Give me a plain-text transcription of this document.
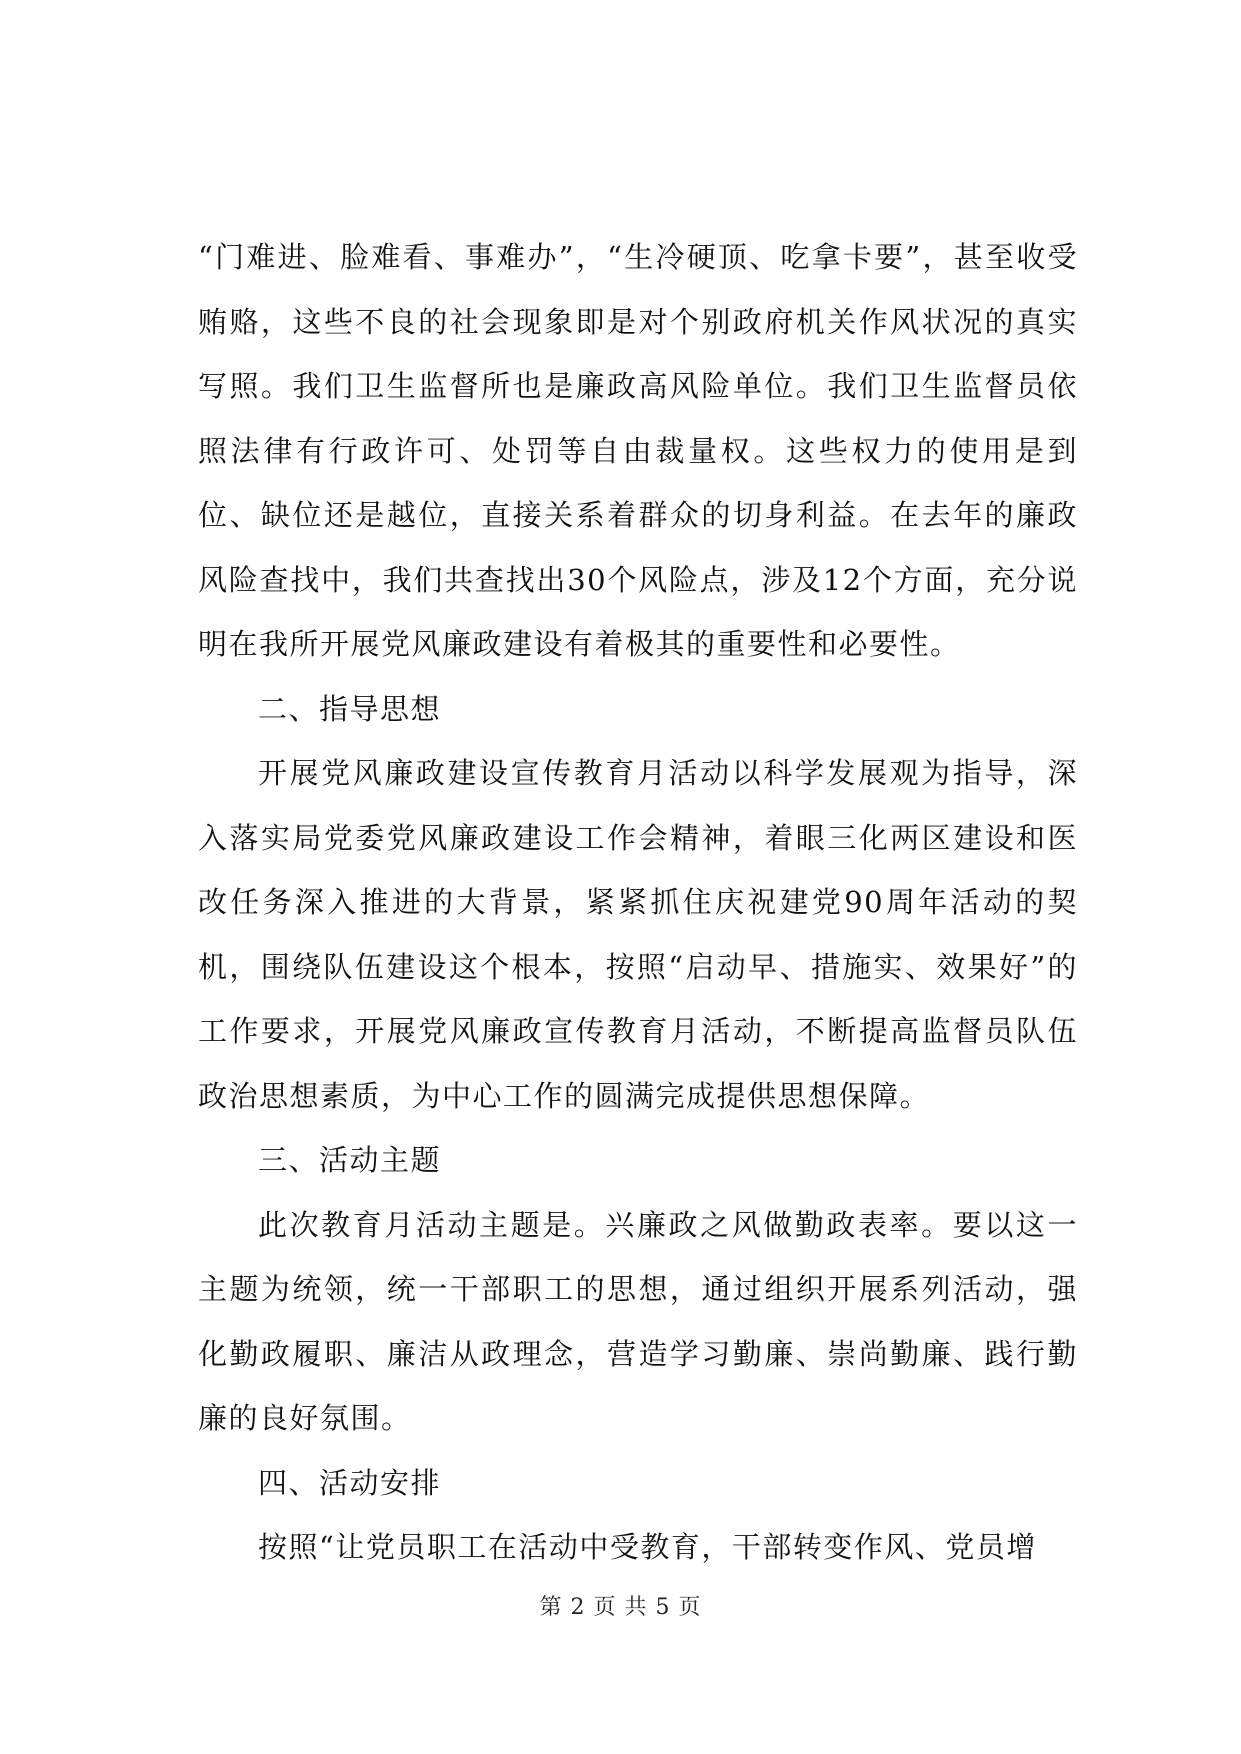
“门难进、脸难看、事难办”，“生冷硬顶、吃拿卡要”，甚至收受贿赂，这些不良的社会现象即是对个别政府机关作风状况的真实写照。我们卫生监督所也是廉政高风险单位。我们卫生监督员依照法律有行政许可、处罚等自由裁量权。这些权力的使用是到位、缺位还是越位，直接关系着群众的切身利益。在去年的廉政风险查找中，我们共查找出30个风险点，涉及12个方面，充分说明在我所开展党风廉政建设有着极其的重要性和必要性。

二、指导思想

开展党风廉政建设宣传教育月活动以科学发展观为指导，深入落实局党委党风廉政建设工作会精神，着眼三化两区建设和医改任务深入推进的大背景，紧紧抓住庆祝建党90周年活动的契机，围绕队伍建设这个根本，按照“启动早、措施实、效果好”的工作要求，开展党风廉政宣传教育月活动，不断提高监督员队伍政治思想素质，为中心工作的圆满完成提供思想保障。

三、活动主题

此次教育月活动主题是。兴廉政之风做勤政表率。要以这一主题为统领，统一干部职工的思想，通过组织开展系列活动，强化勤政履职、廉洁从政理念，营造学习勤廉、崇尚勤廉、践行勤廉的良好氛围。

四、活动安排

按照“让党员职工在活动中受教育，干部转变作风、党员增

第 2 页 共 5 页
